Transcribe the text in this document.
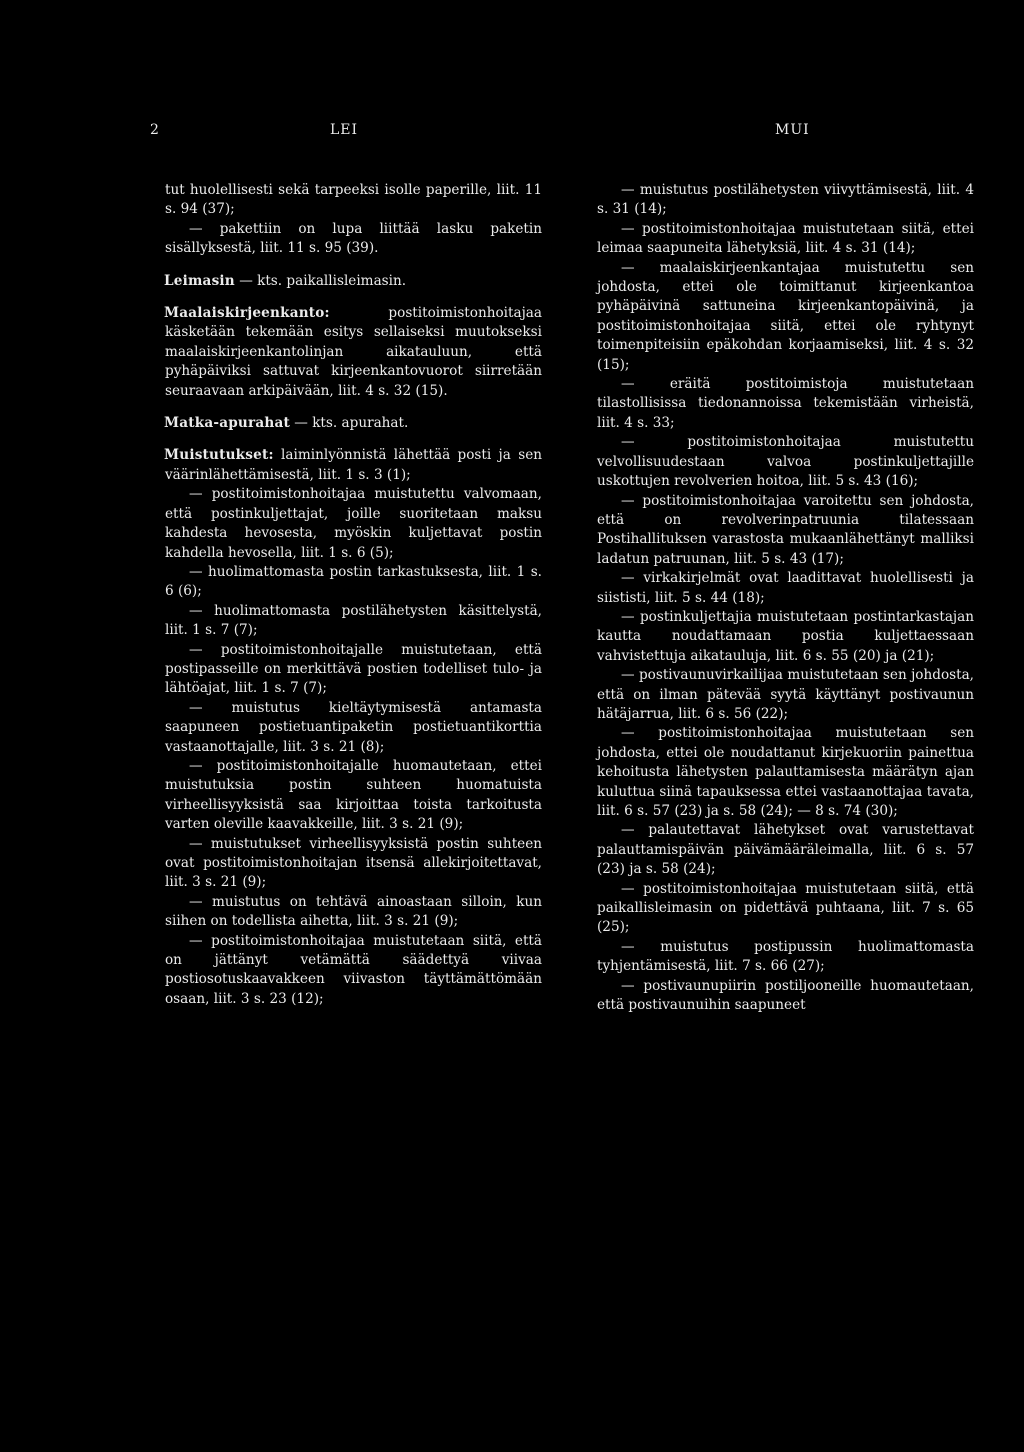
2	LEI	MUI

tut huolellisesti sekä tarpeeksi isolle paperille, liit. 11 s. 94 (37);

— pakettiin on lupa liittää lasku paketin sisällyksestä, liit. 11 s. 95 (39).

Leimasin — kts. paikallisleimasin.

Maalaiskirjeenkanto: postitoimistonhoitajaa käsketään tekemään esitys sellaiseksi muutokseksi maalaiskirjeenkantolinjan aikatauluun, että pyhäpäiviksi sattuvat kirjeenkantovuorot siirretään seuraavaan arkipäivään, liit. 4 s. 32 (15).

Matka-apurahat — kts. apurahat.

Muistutukset: laiminlyönnistä lähettää posti ja sen väärinlähettämisestä, liit. 1 s. 3 (1);

— postitoimistonhoitajaa muistutettu valvomaan, että postinkuljettajat, joille suoritetaan maksu kahdesta hevosesta, myöskin kuljettavat postin kahdella hevosella, liit. 1 s. 6 (5);

— huolimattomasta postin tarkastuksesta, liit. 1 s. 6 (6);

— huolimattomasta postilähetysten käsittelystä, liit. 1 s. 7 (7);

— postitoimistonhoitajalle muistutetaan, että postipasseille on merkittävä postien todelliset tulo- ja lähtöajat, liit. 1 s. 7 (7);

— muistutus kieltäytymisestä antamasta saapuneen postietuantipaketin postietuantikorttia vastaanottajalle, liit. 3 s. 21 (8);

— postitoimistonhoitajalle huomautetaan, ettei muistutuksia postin suhteen huomatuista virheellisyyksistä saa kirjoittaa toista tarkoitusta varten oleville kaavakkeille, liit. 3 s. 21 (9);

— muistutukset virheellisyyksistä postin suhteen ovat postitoimistonhoitajan itsensä allekirjoitettavat, liit. 3 s. 21 (9);

— muistutus on tehtävä ainoastaan silloin, kun siihen on todellista aihetta, liit. 3 s. 21 (9);

— postitoimistonhoitajaa muistutetaan siitä, että on jättänyt vetämättä säädettyä viivaa postiosotuskaavakkeen viivaston täyttämättömään osaan, liit. 3 s. 23 (12);

— muistutus postilähetysten viivyttämisestä, liit. 4 s. 31 (14);

— postitoimistonhoitajaa muistutetaan siitä, ettei leimaa saapuneita lähetyksiä, liit. 4 s. 31 (14);

— maalaiskirjeenkantajaa muistutettu sen johdosta, ettei ole toimittanut kirjeenkantoa pyhäpäivinä sattuneina kirjeenkantopäivinä, ja postitoimistonhoitajaa siitä, ettei ole ryhtynyt toimenpiteisiin epäkohdan korjaamiseksi, liit. 4 s. 32 (15);

— eräitä postitoimistoja muistutetaan tilastollisissa tiedonannoissa tekemistään virheistä, liit. 4 s. 33;

— postitoimistonhoitajaa muistutettu velvollisuudestaan valvoa postinkuljettajille uskottujen revolverien hoitoa, liit. 5 s. 43 (16);

— postitoimistonhoitajaa varoitettu sen johdosta, että on revolverinpatruunia tilatessaan Postihallituksen varastosta mukaanlähettänyt malliksi ladatun patruunan, liit. 5 s. 43 (17);

— virkakirjelmät ovat laadittavat huolellisesti ja siististi, liit. 5 s. 44 (18);

— postinkuljettajia muistutetaan postintarkastajan kautta noudattamaan postia kuljettaessaan vahvistettuja aikatauluja, liit. 6 s. 55 (20) ja (21);

— postivaunuvirkailijaa muistutetaan sen johdosta, että on ilman pätevää syytä käyttänyt postivaunun hätäjarrua, liit. 6 s. 56 (22);

— postitoimistonhoitajaa muistutetaan sen johdosta, ettei ole noudattanut kirjekuoriin painettua kehoitusta lähetysten palauttamisesta määrätyn ajan kuluttua siinä tapauksessa ettei vastaanottajaa tavata, liit. 6 s. 57 (23) ja s. 58 (24); — 8 s. 74 (30);

— palautettavat lähetykset ovat varustettavat palauttamispäivän päivämääräleimalla, liit. 6 s. 57 (23) ja s. 58 (24);

— postitoimistonhoitajaa muistutetaan siitä, että paikallisleimasin on pidettävä puhtaana, liit. 7 s. 65 (25);

— muistutus postipussin huolimattomasta tyhjentämisestä, liit. 7 s. 66 (27);

— postivaunupiirin postiljooneille huomautetaan, että postivaunuihin saapuneet
